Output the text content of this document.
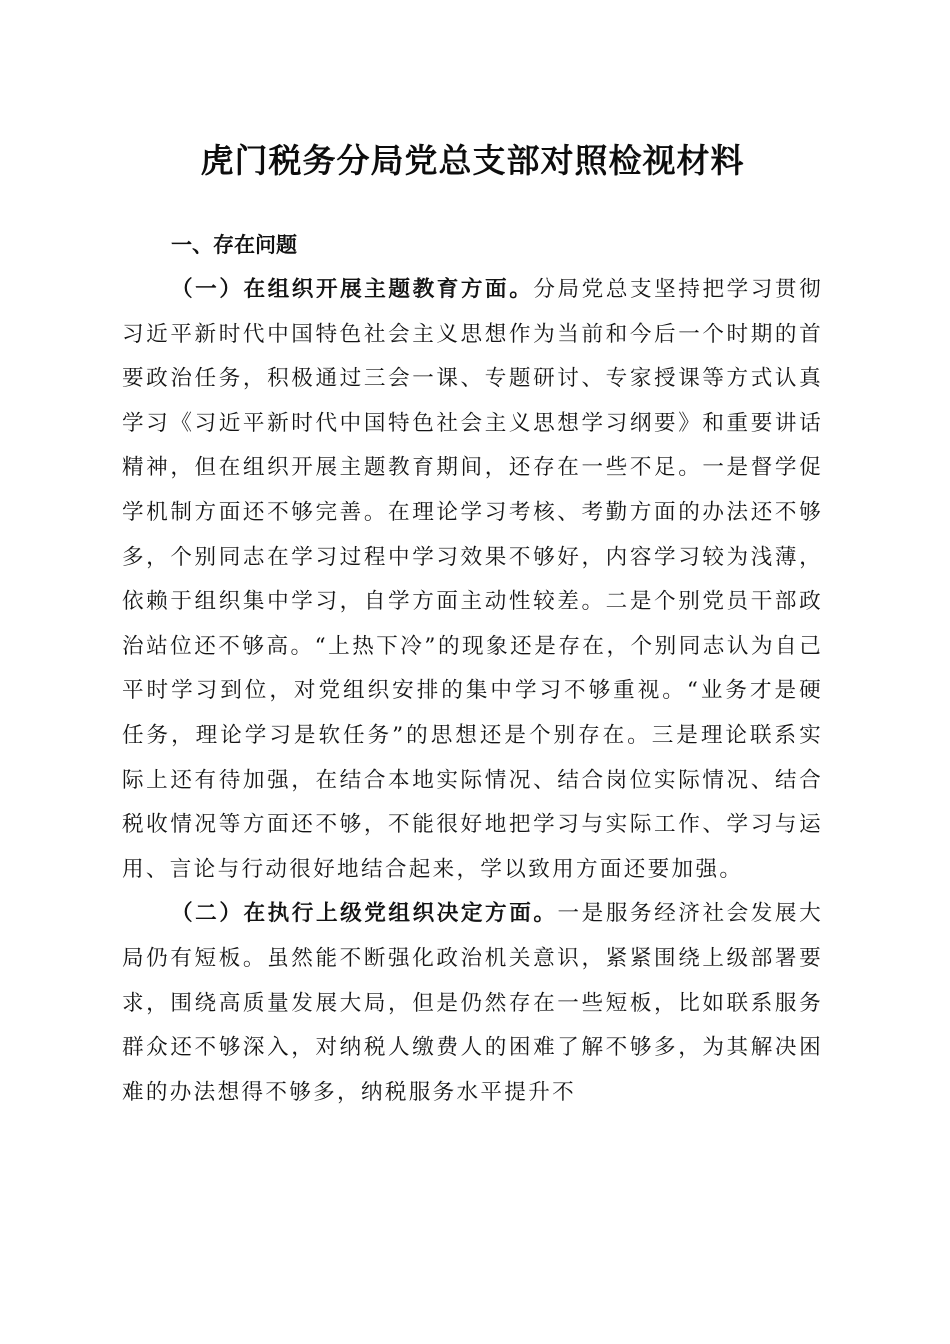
虎门税务分局党总支部对照检视材料
一、存在问题

（一）在组织开展主题教育方面。分局党总支坚持把学习贯彻习近平新时代中国特色社会主义思想作为当前和今后一个时期的首要政治任务，积极通过三会一课、专题研讨、专家授课等方式认真学习《习近平新时代中国特色社会主义思想学习纲要》和重要讲话精神，但在组织开展主题教育期间，还存在一些不足。一是督学促学机制方面还不够完善。在理论学习考核、考勤方面的办法还不够多，个别同志在学习过程中学习效果不够好，内容学习较为浅薄，依赖于组织集中学习，自学方面主动性较差。二是个别党员干部政治站位还不够高。“上热下冷”的现象还是存在，个别同志认为自己平时学习到位，对党组织安排的集中学习不够重视。“业务才是硬任务，理论学习是软任务”的思想还是个别存在。三是理论联系实际上还有待加强，在结合本地实际情况、结合岗位实际情况、结合税收情况等方面还不够，不能很好地把学习与实际工作、学习与运用、言论与行动很好地结合起来，学以致用方面还要加强。

（二）在执行上级党组织决定方面。一是服务经济社会发展大局仍有短板。虽然能不断强化政治机关意识，紧紧围绕上级部署要求，围绕高质量发展大局，但是仍然存在一些短板，比如联系服务群众还不够深入，对纳税人缴费人的困难了解不够多，为其解决困难的办法想得不够多，纳税服务水平提升不
